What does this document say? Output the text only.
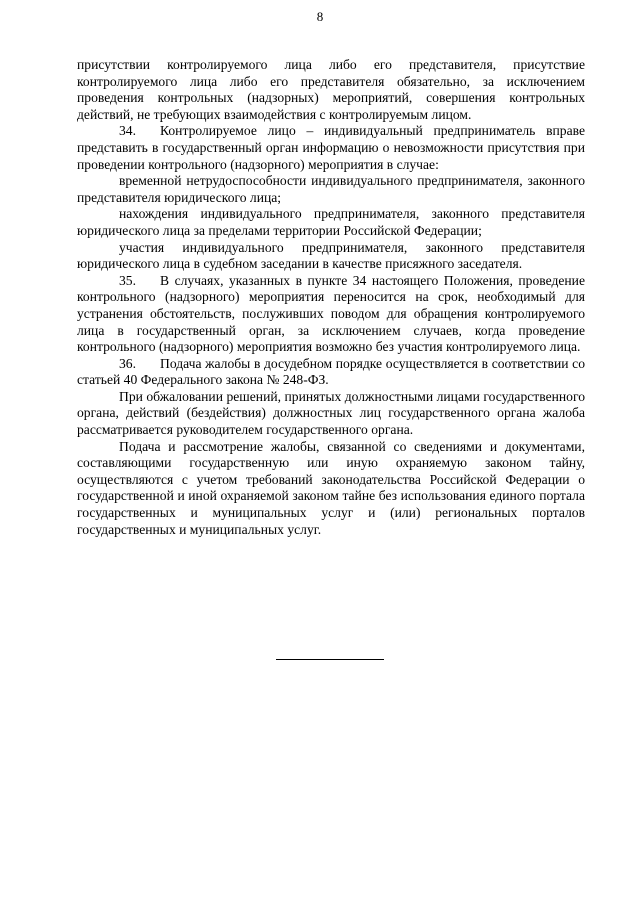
8

присутствии контролируемого лица либо его представителя, присутствие контролируемого лица либо его представителя обязательно, за исключением проведения контрольных (надзорных) мероприятий, совершения контрольных действий, не требующих взаимодействия с контролируемым лицом.

34. Контролируемое лицо – индивидуальный предприниматель вправе представить в государственный орган информацию о невозможности присутствия при проведении контрольного (надзорного) мероприятия в случае:

временной нетрудоспособности индивидуального предпринимателя, законного представителя юридического лица;

нахождения индивидуального предпринимателя, законного представителя юридического лица за пределами территории Российской Федерации;

участия индивидуального предпринимателя, законного представителя юридического лица в судебном заседании в качестве присяжного заседателя.

35. В случаях, указанных в пункте 34 настоящего Положения, проведение контрольного (надзорного) мероприятия переносится на срок, необходимый для устранения обстоятельств, послуживших поводом для обращения контролируемого лица в государственный орган, за исключением случаев, когда проведение контрольного (надзорного) мероприятия возможно без участия контролируемого лица.

36. Подача жалобы в досудебном порядке осуществляется в соответствии со статьей 40 Федерального закона № 248-ФЗ.

При обжаловании решений, принятых должностными лицами государственного органа, действий (бездействия) должностных лиц государственного органа жалоба рассматривается руководителем государственного органа.

Подача и рассмотрение жалобы, связанной со сведениями и документами, составляющими государственную или иную охраняемую законом тайну, осуществляются с учетом требований законодательства Российской Федерации о государственной и иной охраняемой законом тайне без использования единого портала государственных и муниципальных услуг и (или) региональных порталов государственных и муниципальных услуг.
